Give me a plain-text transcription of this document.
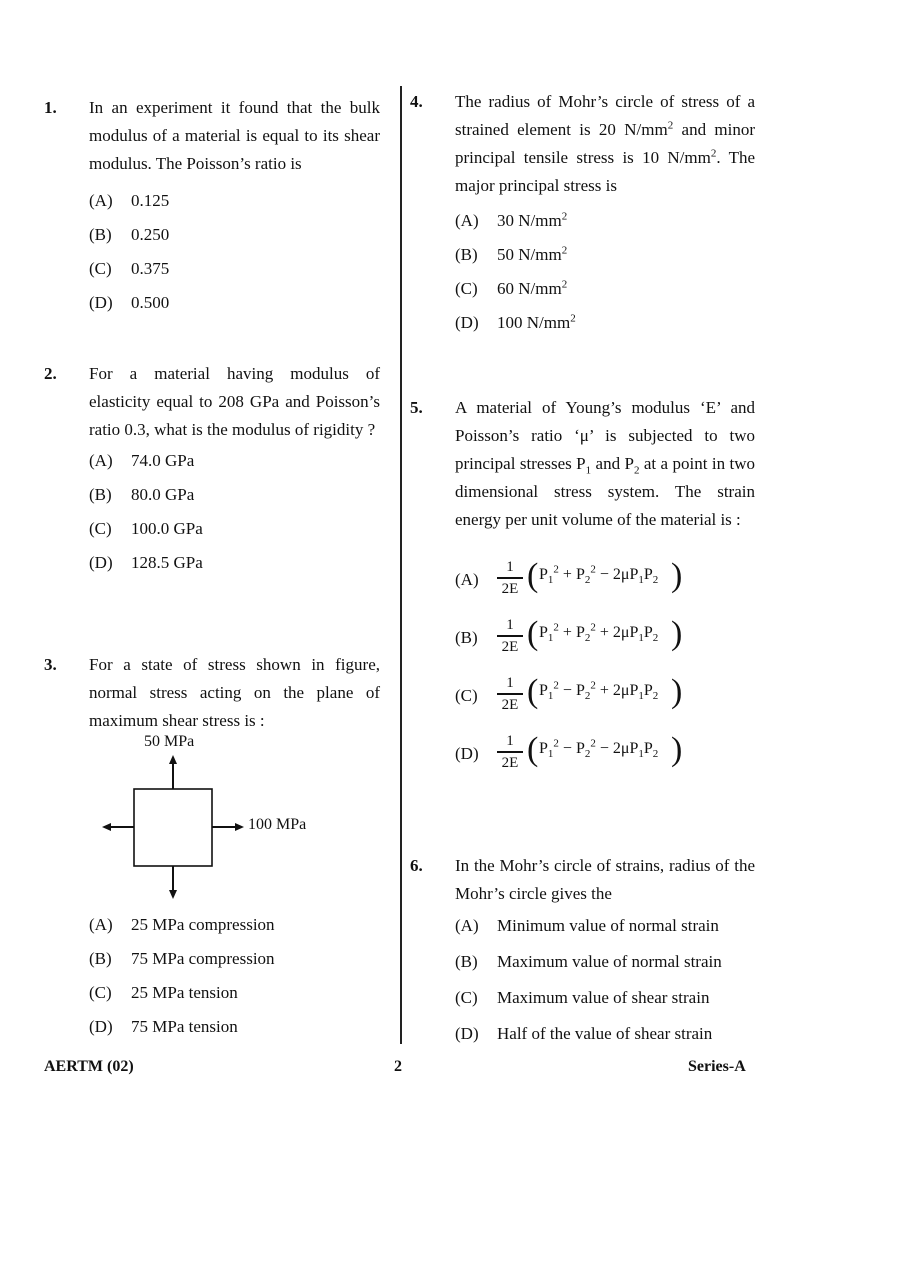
1. In an experiment it found that the bulk modulus of a material is equal to its shear modulus. The Poisson’s ratio is
(A) 0.125
(B) 0.250
(C) 0.375
(D) 0.500
2. For a material having modulus of elasticity equal to 208 GPa and Poisson’s ratio 0.3, what is the modulus of rigidity ?
(A) 74.0 GPa
(B) 80.0 GPa
(C) 100.0 GPa
(D) 128.5 GPa
3. For a state of stress shown in figure, normal stress acting on the plane of maximum shear stress is :
50 MPa
100 MPa
(A) 25 MPa compression
(B) 75 MPa compression
(C) 25 MPa tension
(D) 75 MPa tension
4. The radius of Mohr’s circle of stress of a strained element is 20 $N/mm^2$ and minor principal tensile stress is 10 $N/mm^2$. The major principal stress is
(A) 30 $N/mm^2$
(B) 50 $N/mm^2$
(C) 60 $N/mm^2$
(D) 100 $N/mm^2$
5. A material of Young’s modulus ‘E’ and Poisson’s ratio ‘μ’ is subjected to two principal stresses $P_1$ and $P_2$ at a point in two dimensional stress system. The strain energy per unit volume of the material is :
(A)
1
2E ( $P_1^2 + P_2^2 - 2\mu P_1P_2$ )
(B)
1
2E ( $P_1^2 + P_2^2 + 2\mu P_1P_2$ )
(C)
1
2E ( $P_1^2 - P_2^2 + 2\mu P_1P_2$ )
(D)
1
2E ( $P_1^2 - P_2^2 - 2\mu P_1P_2$ )
6. In the Mohr’s circle of strains, radius of the Mohr’s circle gives the
(A) Minimum value of normal strain
(B) Maximum value of normal strain
(C) Maximum value of shear strain
(D) Half of the value of shear strain
AERTM (02)	2	Series-A
